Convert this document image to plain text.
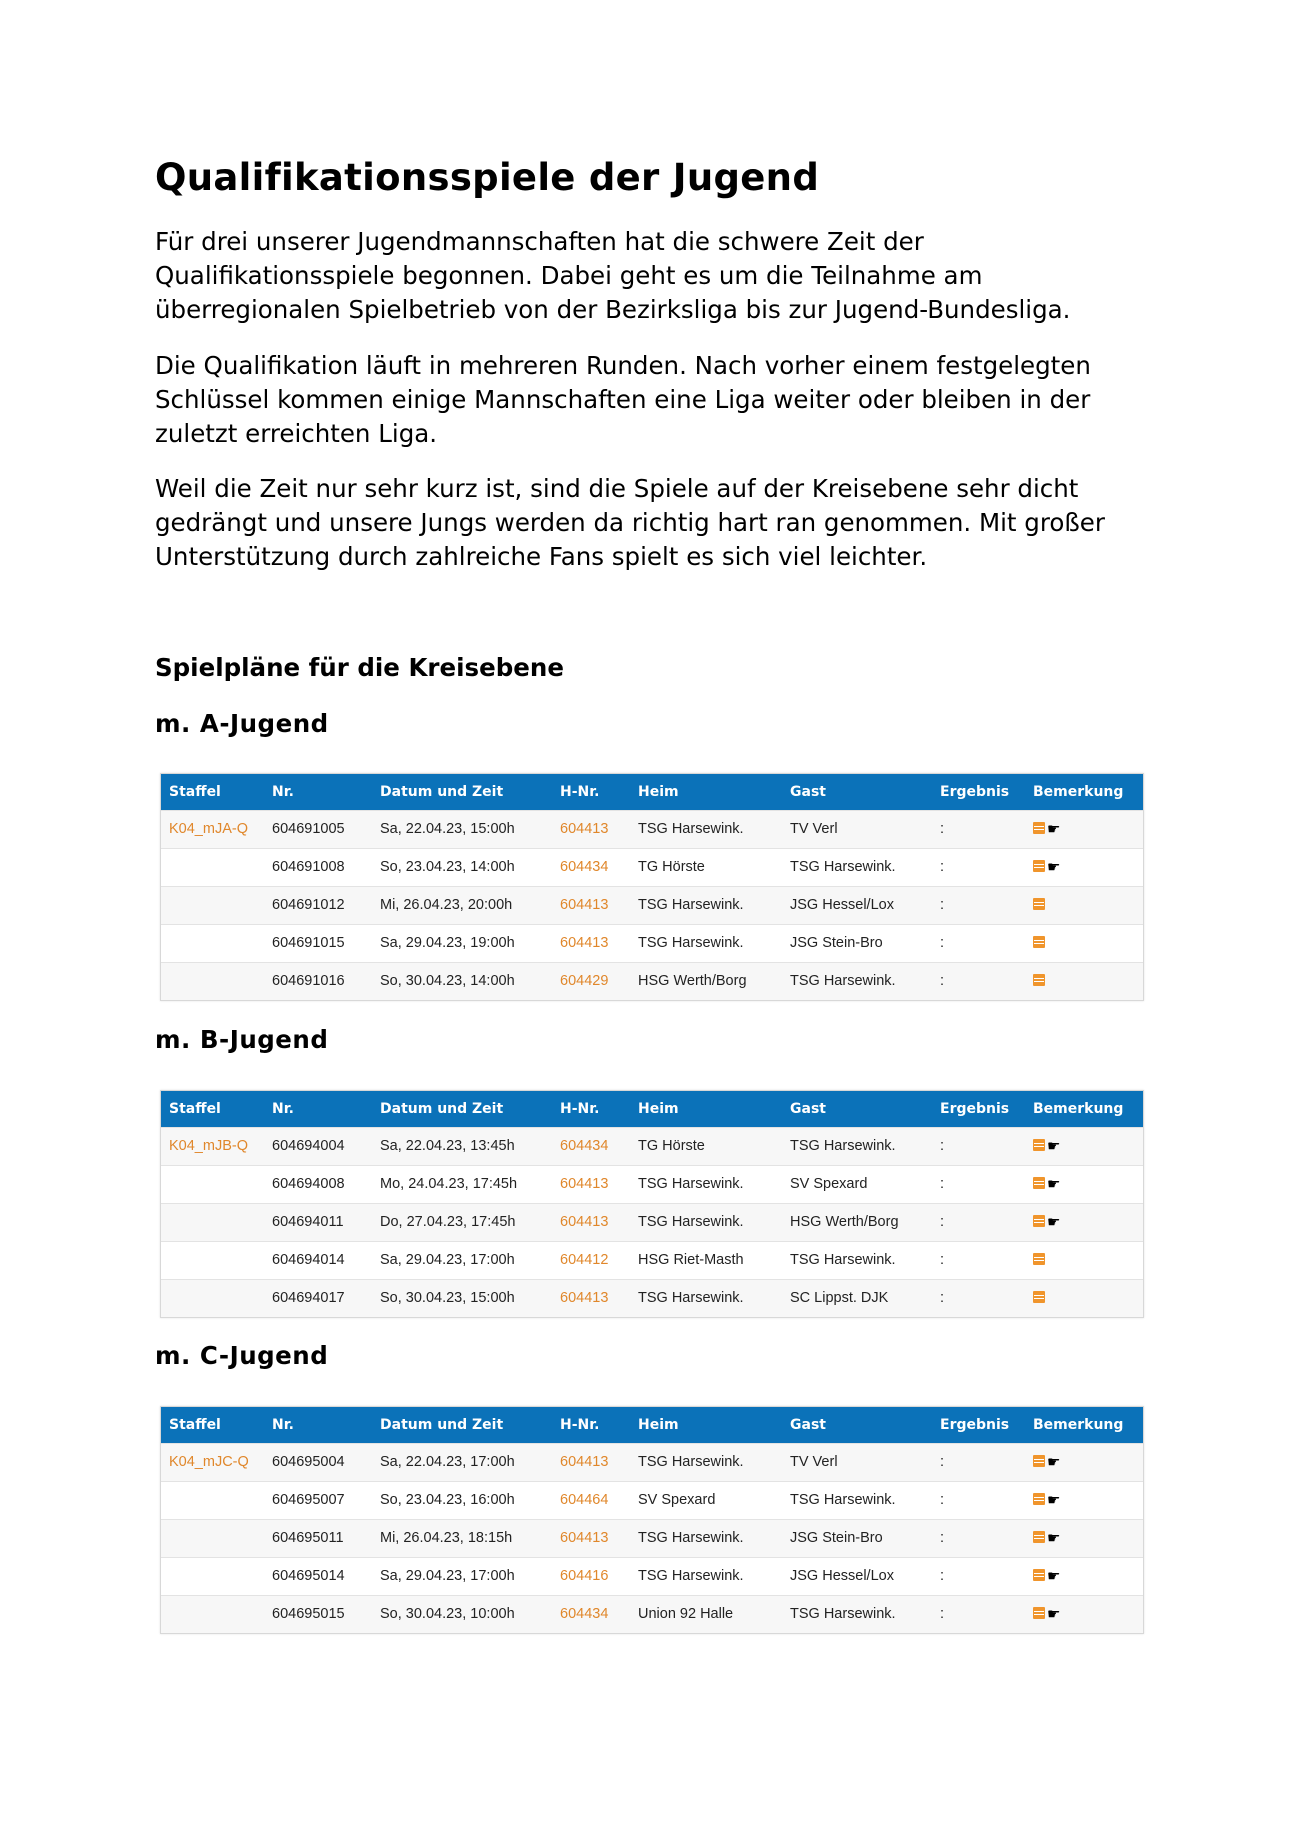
Qualifikationsspiele der Jugend

Für drei unserer Jugendmannschaften hat die schwere Zeit der Qualifikationsspiele begonnen. Dabei geht es um die Teilnahme am überregionalen Spielbetrieb von der Bezirksliga bis zur Jugend-Bundesliga.

Die Qualifikation läuft in mehreren Runden. Nach vorher einem festgelegten Schlüssel kommen einige Mannschaften eine Liga weiter oder bleiben in der zuletzt erreichten Liga.

Weil die Zeit nur sehr kurz ist, sind die Spiele auf der Kreisebene sehr dicht gedrängt und unsere Jungs werden da richtig hart ran genommen. Mit großer Unterstützung durch zahlreiche Fans spielt es sich viel leichter.

Spielpläne für die Kreisebene
m. A-Jugend
Staffel	Nr.	Datum und Zeit	H-Nr.	Heim	Gast	Ergebnis	Bemerkung
K04_mJA-Q	604691005	Sa, 22.04.23, 15:00h	604413	TSG Harsewink.	TV Verl	:	☛
	604691008	So, 23.04.23, 14:00h	604434	TG Hörste	TSG Harsewink.	:	☛
	604691012	Mi, 26.04.23, 20:00h	604413	TSG Harsewink.	JSG Hessel/Lox	:	
	604691015	Sa, 29.04.23, 19:00h	604413	TSG Harsewink.	JSG Stein-Bro	:	
	604691016	So, 30.04.23, 14:00h	604429	HSG Werth/Borg	TSG Harsewink.	:	
m. B-Jugend
Staffel	Nr.	Datum und Zeit	H-Nr.	Heim	Gast	Ergebnis	Bemerkung
K04_mJB-Q	604694004	Sa, 22.04.23, 13:45h	604434	TG Hörste	TSG Harsewink.	:	☛
	604694008	Mo, 24.04.23, 17:45h	604413	TSG Harsewink.	SV Spexard	:	☛
	604694011	Do, 27.04.23, 17:45h	604413	TSG Harsewink.	HSG Werth/Borg	:	☛
	604694014	Sa, 29.04.23, 17:00h	604412	HSG Riet-Masth	TSG Harsewink.	:	
	604694017	So, 30.04.23, 15:00h	604413	TSG Harsewink.	SC Lippst. DJK	:	
m. C-Jugend
Staffel	Nr.	Datum und Zeit	H-Nr.	Heim	Gast	Ergebnis	Bemerkung
K04_mJC-Q	604695004	Sa, 22.04.23, 17:00h	604413	TSG Harsewink.	TV Verl	:	☛
	604695007	So, 23.04.23, 16:00h	604464	SV Spexard	TSG Harsewink.	:	☛
	604695011	Mi, 26.04.23, 18:15h	604413	TSG Harsewink.	JSG Stein-Bro	:	☛
	604695014	Sa, 29.04.23, 17:00h	604416	TSG Harsewink.	JSG Hessel/Lox	:	☛
	604695015	So, 30.04.23, 10:00h	604434	Union 92 Halle	TSG Harsewink.	:	☛
